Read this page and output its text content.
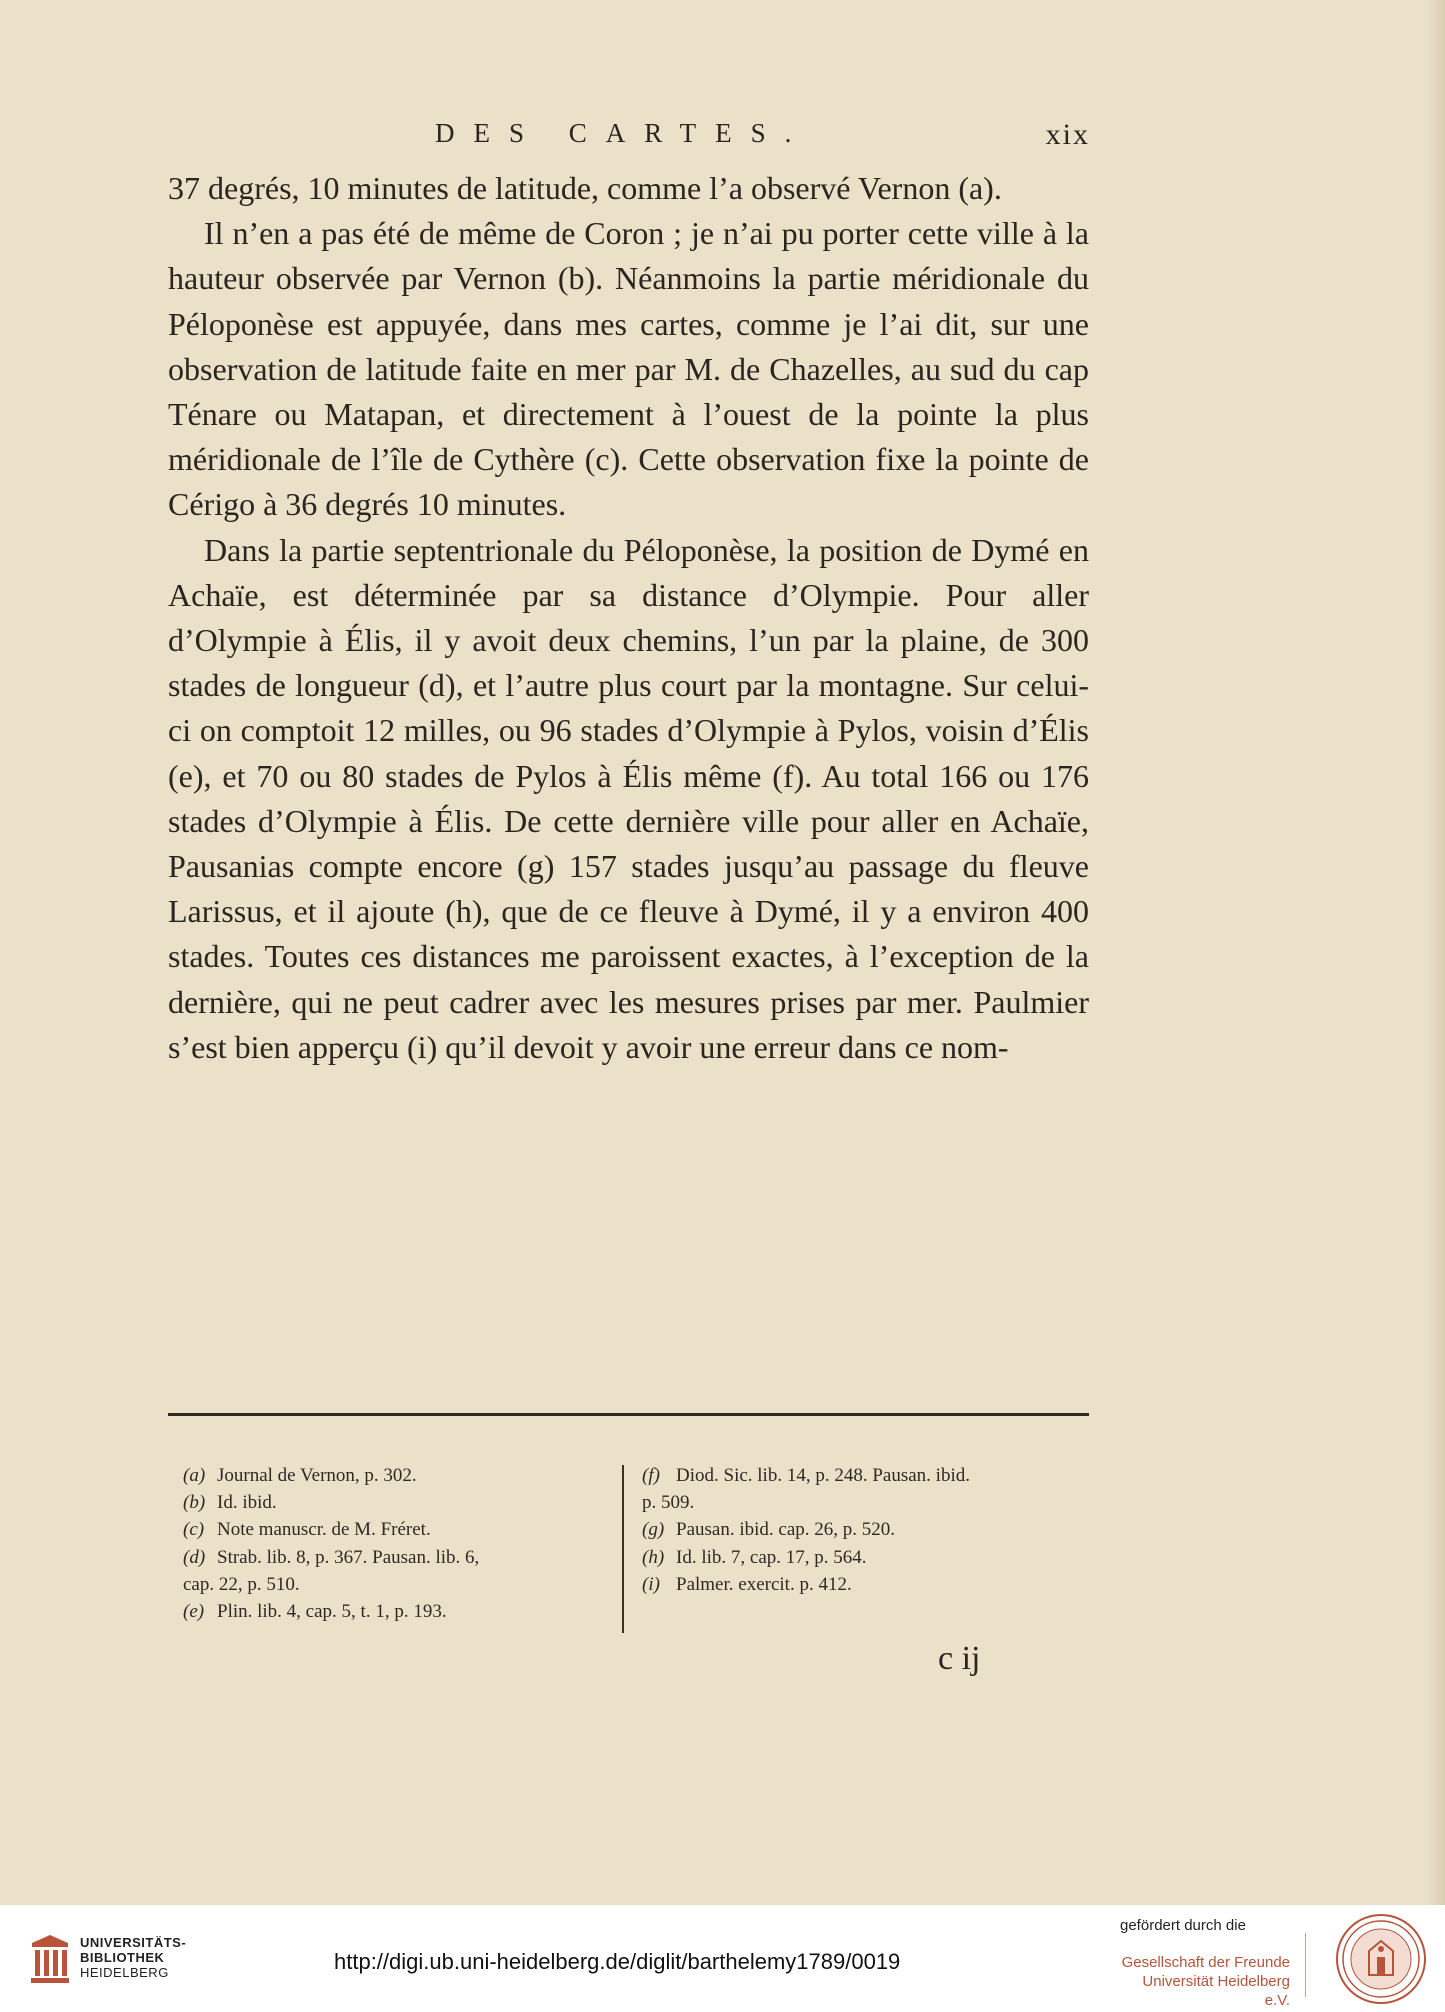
DES CARTES.	xix

37 degrés, 10 minutes de latitude, comme l’a observé Vernon (a).

Il n’en a pas été de même de Coron ; je n’ai pu porter cette ville à la hauteur observée par Vernon (b). Néanmoins la partie méridionale du Péloponèse est appuyée, dans mes cartes, comme je l’ai dit, sur une observation de latitude faite en mer par M. de Chazelles, au sud du cap Ténare ou Matapan, et directement à l’ouest de la pointe la plus méridionale de l’île de Cythère (c). Cette observation fixe la pointe de Cérigo à 36 degrés 10 minutes.

Dans la partie septentrionale du Péloponèse, la position de Dymé en Achaïe, est déterminée par sa distance d’Olympie. Pour aller d’Olympie à Élis, il y avoit deux chemins, l’un par la plaine, de 300 stades de longueur (d), et l’autre plus court par la montagne. Sur celui-ci on comptoit 12 milles, ou 96 stades d’Olympie à Pylos, voisin d’Élis (e), et 70 ou 80 stades de Pylos à Élis même (f). Au total 166 ou 176 stades d’Olympie à Élis. De cette dernière ville pour aller en Achaïe, Pausanias compte encore (g) 157 stades jusqu’au passage du fleuve Larissus, et il ajoute (h), que de ce fleuve à Dymé, il y a environ 400 stades. Toutes ces distances me paroissent exactes, à l’exception de la dernière, qui ne peut cadrer avec les mesures prises par mer. Paulmier s’est bien apperçu (i) qu’il devoit y avoir une erreur dans ce nom-

(a) Journal de Vernon, p. 302.
(b) Id. ibid.
(c) Note manuscr. de M. Fréret.
(d) Strab. lib. 8, p. 367. Pausan. lib. 6,
cap. 22, p. 510.
(e) Plin. lib. 4, cap. 5, t. 1, p. 193.
(f) Diod. Sic. lib. 14, p. 248. Pausan. ibid.
p. 509.
(g) Pausan. ibid. cap. 26, p. 520.
(h) Id. lib. 7, cap. 17, p. 564.
(i) Palmer. exercit. p. 412.
c ij
UNIVERSITÄTS-
BIBLIOTHEK
HEIDELBERG	http://digi.ub.uni-heidelberg.de/diglit/barthelemy1789/0019
gefördert durch die
Gesellschaft der Freunde
Universität Heidelberg e.V.
